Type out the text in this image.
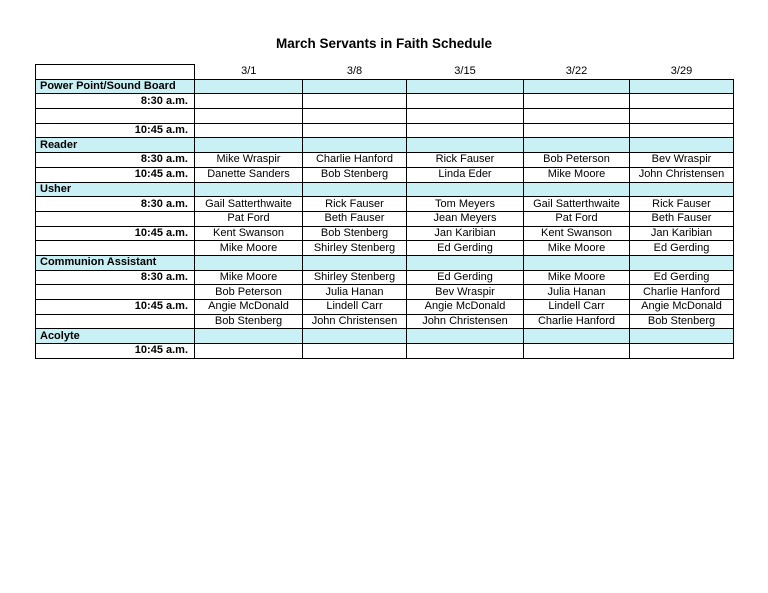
March Servants in Faith Schedule
	3/1	3/8	3/15	3/22	3/29
Power Point/Sound Board					
8:30 a.m.					

10:45 a.m.					
Reader					
8:30 a.m.	Mike Wraspir	Charlie Hanford	Rick Fauser	Bob Peterson	Bev Wraspir
10:45 a.m.	Danette Sanders	Bob Stenberg	Linda Eder	Mike Moore	John Christensen
Usher					
8:30 a.m.	Gail Satterthwaite	Rick Fauser	Tom Meyers	Gail Satterthwaite	Rick Fauser
	Pat Ford	Beth Fauser	Jean Meyers	Pat Ford	Beth Fauser
10:45 a.m.	Kent Swanson	Bob Stenberg	Jan Karibian	Kent Swanson	Jan Karibian
	Mike Moore	Shirley Stenberg	Ed Gerding	Mike Moore	Ed Gerding
Communion Assistant					
8:30 a.m.	Mike Moore	Shirley Stenberg	Ed Gerding	Mike Moore	Ed Gerding
	Bob Peterson	Julia Hanan	Bev Wraspir	Julia Hanan	Charlie Hanford
10:45 a.m.	Angie McDonald	Lindell Carr	Angie McDonald	Lindell Carr	Angie McDonald
	Bob Stenberg	John Christensen	John Christensen	Charlie Hanford	Bob Stenberg
Acolyte					
10:45 a.m.					
